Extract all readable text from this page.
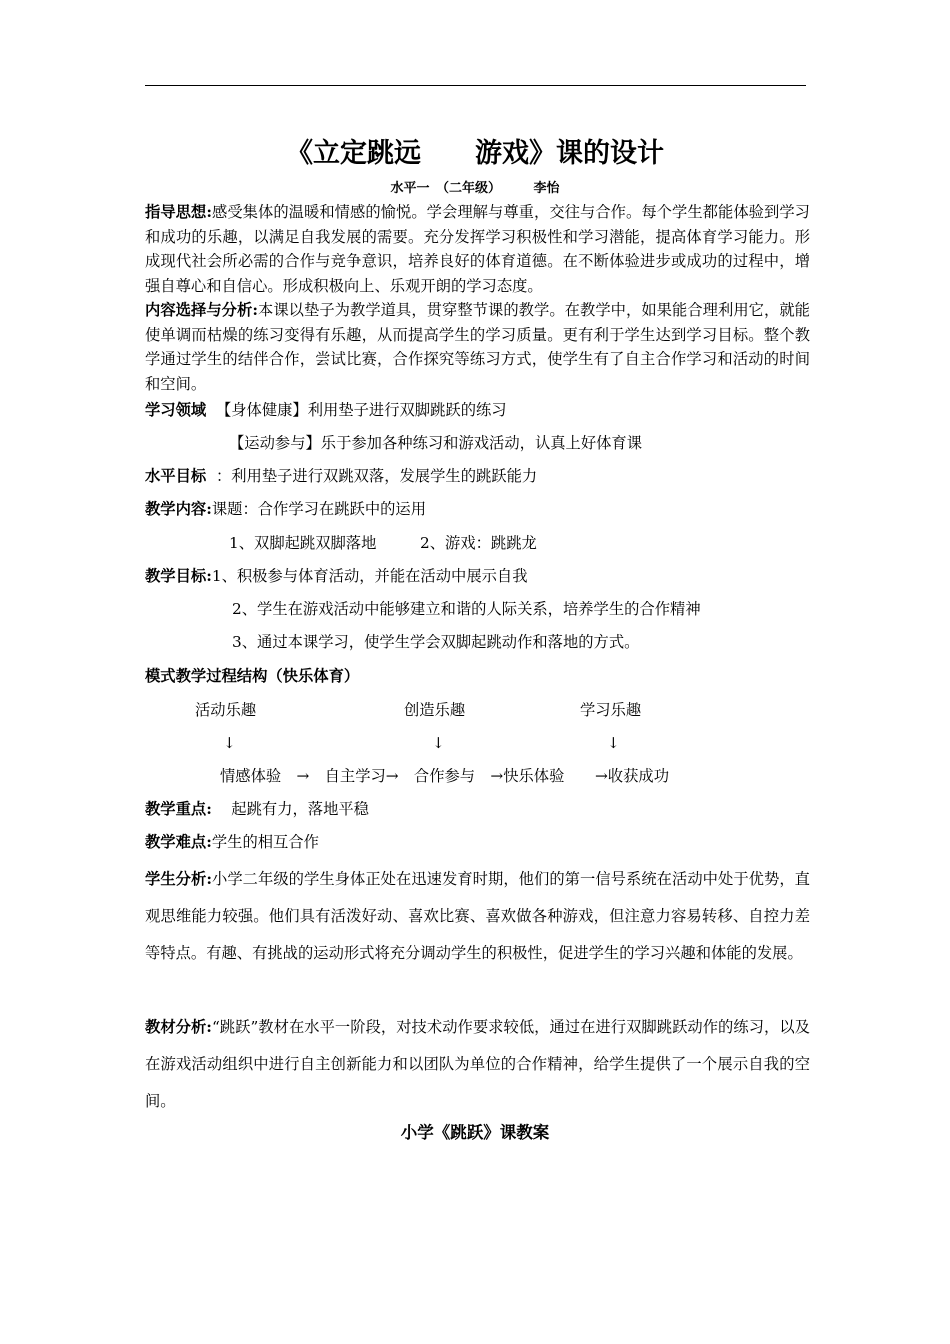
《立定跳远　　游戏》课的设计
水平一　（二年级）　　　李怡
指导思想:感受集体的温暖和情感的愉悦。学会理解与尊重，交往与合作。每个学生都能体验到学习和成功的乐趣，以满足自我发展的需要。充分发挥学习积极性和学习潜能，提高体育学习能力。形成现代社会所必需的合作与竞争意识，培养良好的体育道德。在不断体验进步或成功的过程中，增强自尊心和自信心。形成积极向上、乐观开朗的学习态度。
内容选择与分析:本课以垫子为教学道具，贯穿整节课的教学。在教学中，如果能合理利用它，就能使单调而枯燥的练习变得有乐趣，从而提高学生的学习质量。更有利于学生达到学习目标。整个教学通过学生的结伴合作，尝试比赛，合作探究等练习方式，使学生有了自主合作学习和活动的时间和空间。
学习领域 【身体健康】利用垫子进行双脚跳跃的练习
【运动参与】乐于参加各种练习和游戏活动，认真上好体育课
水平目标 ：利用垫子进行双跳双落，发展学生的跳跃能力
教学内容:课题：合作学习在跳跃中的运用
1、双脚起跳双脚落地	2、游戏：跳跳龙
教学目标:1、积极参与体育活动，并能在活动中展示自我
2、学生在游戏活动中能够建立和谐的人际关系，培养学生的合作精神
3、通过本课学习，使学生学会双脚起跳动作和落地的方式。
模式教学过程结构（快乐体育）
活动乐趣	创造乐趣	学习乐趣
↓	↓	↓
情感体验　→　自主学习→　合作参与　→快乐体验　　→收获成功
教学重点: 起跳有力，落地平稳
教学难点:学生的相互合作
学生分析:小学二年级的学生身体正处在迅速发育时期，他们的第一信号系统在活动中处于优势，直观思维能力较强。他们具有活泼好动、喜欢比赛、喜欢做各种游戏，但注意力容易转移、自控力差等特点。有趣、有挑战的运动形式将充分调动学生的积极性，促进学生的学习兴趣和体能的发展。
教材分析:“跳跃”教材在水平一阶段，对技术动作要求较低，通过在进行双脚跳跃动作的练习，以及在游戏活动组织中进行自主创新能力和以团队为单位的合作精神，给学生提供了一个展示自我的空间。
小学《跳跃》课教案
